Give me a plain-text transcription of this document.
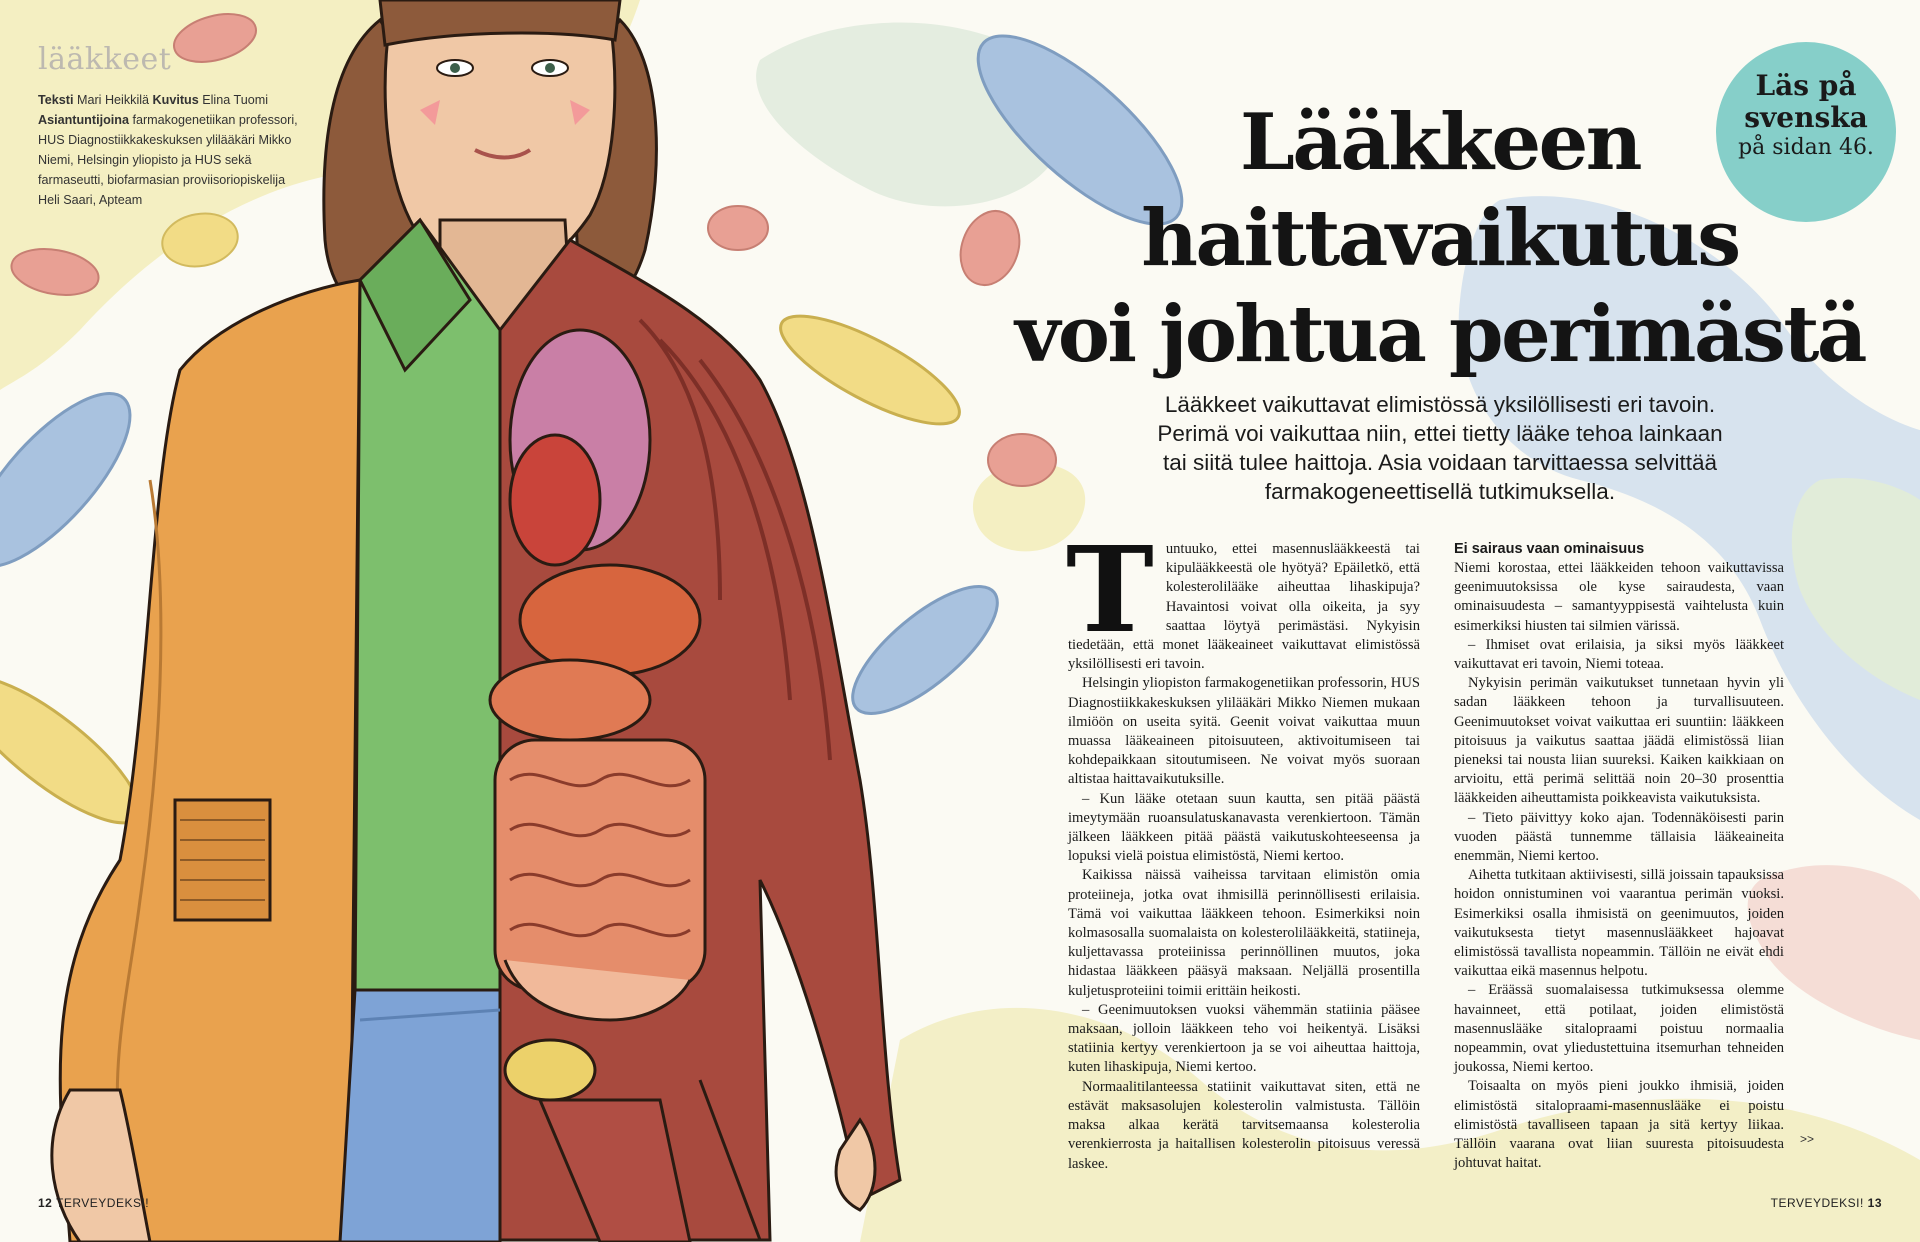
lääkkeet
Teksti Mari Heikkilä Kuvitus Elina Tuomi
Asiantuntijoina farmakogenetiikan professori, HUS Diagnostiikkakeskuksen ylilääkäri Mikko Niemi, Helsingin yliopisto ja HUS sekä farmaseutti, biofarmasian proviisoriopiskelija Heli Saari, Apteam
Läs på
svenska
på sidan 46.
Lääkkeen
haittavaikutus
voi johtua perimästä
Lääkkeet vaikuttavat elimistössä yksilöllisesti eri tavoin.
Perimä voi vaikuttaa niin, ettei tietty lääke tehoa lainkaan
tai siitä tulee haittoja. Asia voidaan tarvittaessa selvittää
farmakogeneettisellä tutkimuksella.

Tuntuuko, ettei masennuslääkkeestä tai kipulääkkeestä ole hyötyä? Epäiletkö, että kolesterolilääke aiheuttaa lihaskipuja? Havaintosi voivat olla oikeita, ja syy saattaa löytyä perimästäsi. Nykyisin tiedetään, että monet lääkeaineet vaikuttavat elimistössä yksilöllisesti eri tavoin.

Helsingin yliopiston farmakogenetiikan professorin, HUS Diagnostiikkakeskuksen ylilääkäri Mikko Niemen mukaan ilmiöön on useita syitä. Geenit voivat vaikuttaa muun muassa lääkeaineen pitoisuuteen, aktivoitumiseen tai kohdepaikkaan sitoutumiseen. Ne voivat myös suoraan altistaa haittavaikutuksille.

– Kun lääke otetaan suun kautta, sen pitää päästä imeytymään ruoansulatuskanavasta verenkiertoon. Tämän jälkeen lääkkeen pitää päästä vaikutuskohteeseensa ja lopuksi vielä poistua elimistöstä, Niemi kertoo.

Kaikissa näissä vaiheissa tarvitaan elimistön omia proteiineja, jotka ovat ihmisillä perinnöllisesti erilaisia. Tämä voi vaikuttaa lääkkeen tehoon. Esimerkiksi noin kolmasosalla suomalaista on kolesterolilääkkeitä, statiineja, kuljettavassa proteiinissa perinnöllinen muutos, joka hidastaa lääkkeen pääsyä maksaan. Neljällä prosentilla kuljetusproteiini toimii erittäin heikosti.

– Geenimuutoksen vuoksi vähemmän statiinia pääsee maksaan, jolloin lääkkeen teho voi heikentyä. Lisäksi statiinia kertyy verenkiertoon ja se voi aiheuttaa haittoja, kuten lihaskipuja, Niemi kertoo.

Normaalitilanteessa statiinit vaikuttavat siten, että ne estävät maksasolujen kolesterolin valmistusta. Tällöin maksa alkaa kerätä tarvitsemaansa kolesterolia verenkierrosta ja haitallisen kolesterolin pitoisuus veressä laskee.

Ei sairaus vaan ominaisuus

Niemi korostaa, ettei lääkkeiden tehoon vaikuttavissa geenimuutoksissa ole kyse sairaudesta, vaan ominaisuudesta – samantyyppisestä vaihtelusta kuin esimerkiksi hiusten tai silmien värissä.

– Ihmiset ovat erilaisia, ja siksi myös lääkkeet vaikuttavat eri tavoin, Niemi toteaa.

Nykyisin perimän vaikutukset tunnetaan hyvin yli sadan lääkkeen tehoon ja turvallisuuteen. Geenimuutokset voivat vaikuttaa eri suuntiin: lääkkeen pitoisuus ja vaikutus saattaa jäädä elimistössä liian pieneksi tai nousta liian suureksi. Kaiken kaikkiaan on arvioitu, että perimä selittää noin 20–30 prosenttia lääkkeiden aiheuttamista poikkeavista vaikutuksista.

– Tieto päivittyy koko ajan. Todennäköisesti parin vuoden päästä tunnemme tällaisia lääkeaineita enemmän, Niemi kertoo.

Aihetta tutkitaan aktiivisesti, sillä joissain tapauksissa hoidon onnistuminen voi vaarantua perimän vuoksi. Esimerkiksi osalla ihmisistä on geenimuutos, joiden vaikutuksesta tietyt masennuslääkkeet hajoavat elimistössä tavallista nopeammin. Tällöin ne eivät ehdi vaikuttaa eikä masennus helpotu.

– Eräässä suomalaisessa tutkimuksessa olemme havainneet, että potilaat, joiden elimistöstä masennuslääke sitalopraami poistuu normaalia nopeammin, ovat yliedustettuina itsemurhan tehneiden joukossa, Niemi kertoo.

Toisaalta on myös pieni joukko ihmisiä, joiden elimistöstä sitalopraami-masennuslääke ei poistu elimistöstä tavalliseen tapaan ja sitä kertyy liikaa. Tällöin vaarana ovat liian suuresta pitoisuudesta johtuvat haitat.

>>
12 TERVEYDEKSI!	TERVEYDEKSI! 13
